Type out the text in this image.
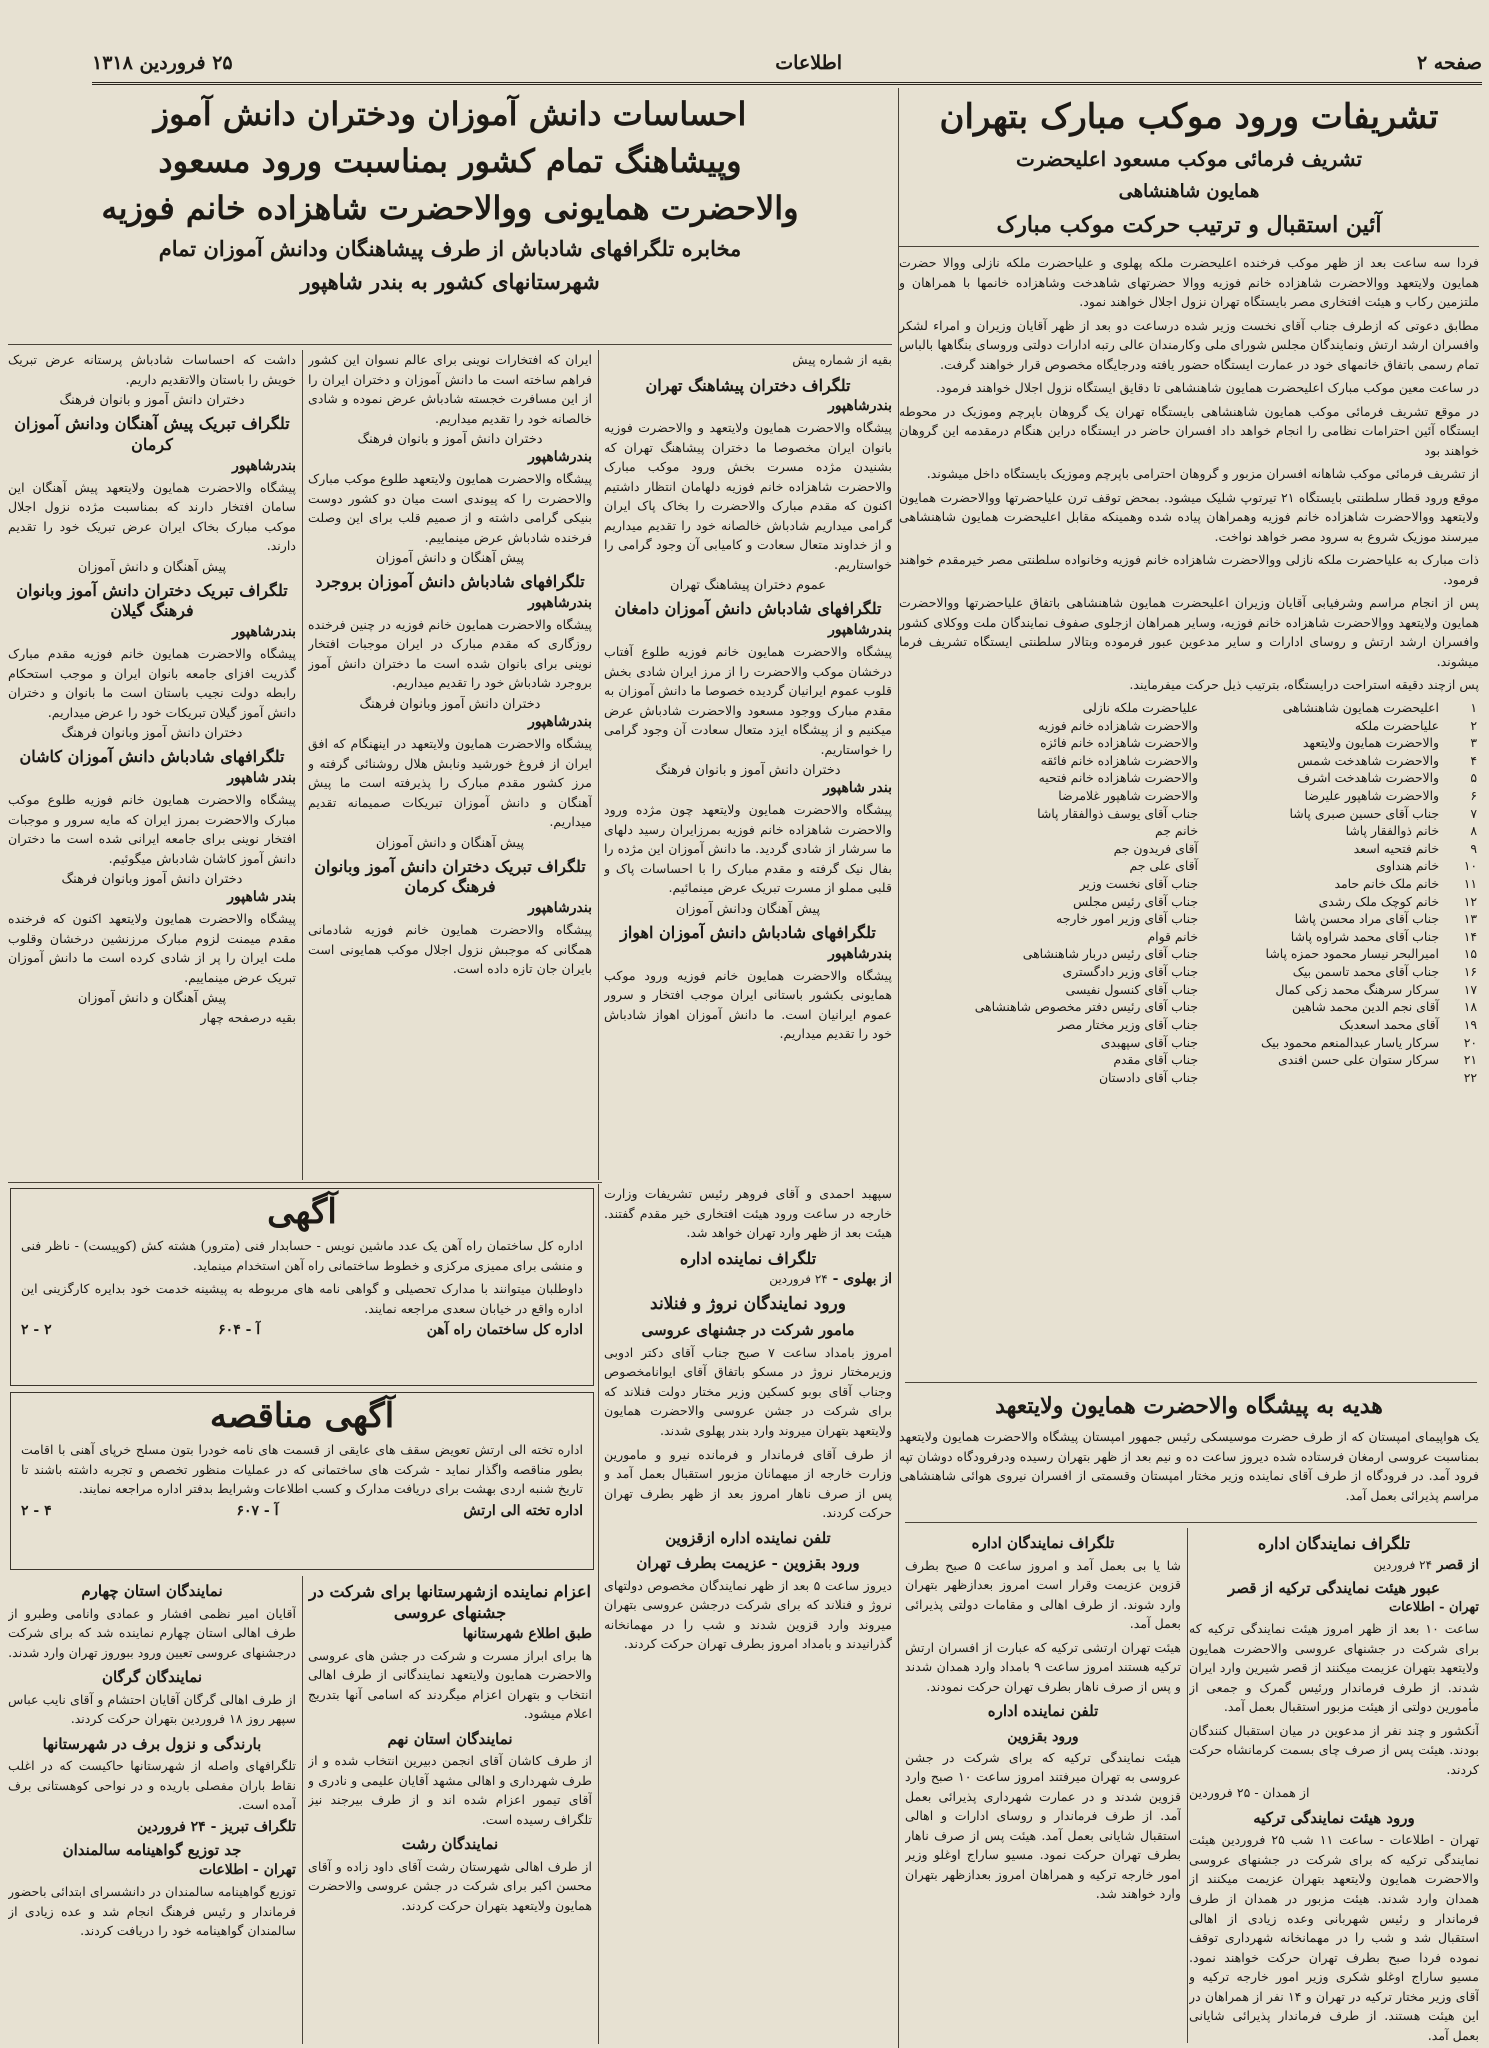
صفحه ۲
اطلاعات
۲۵ فروردین ۱۳۱۸
تشریفات ورود موکب مبارک بتهران

تشریف فرمائی موکب مسعود اعلیحضرت

همایون شاهنشاهی

آئین استقبال و ترتیب حرکت موکب مبارک

فردا سه ساعت بعد از ظهر موکب فرخنده اعلیحضرت ملکه پهلوی و علیاحضرت ملکه نازلی ووالا حضرت همایون ولایتعهد ووالاحضرت شاهزاده خانم فوزیه ووالا حضرتهای شاهدخت وشاهزاده خانمها با همراهان و ملتزمین رکاب و هیئت افتخاری مصر بایستگاه تهران نزول اجلال خواهند نمود.

مطابق دعوتی که ازطرف جناب آقای نخست وزیر شده درساعت دو بعد از ظهر آقایان وزیران و امراء لشکر وافسران ارشد ارتش ونمایندگان مجلس شورای ملی وکارمندان عالی رتبه ادارات دولتی وروسای بنگاهها بالباس تمام رسمی باتفاق خانمهای خود در عمارت ایستگاه حضور یافته ودرجایگاه مخصوص قرار خواهند گرفت.

در ساعت معین موکب مبارک اعلیحضرت همایون شاهنشاهی تا دقایق ایستگاه نزول اجلال خواهند فرمود.

در موقع تشریف فرمائی موکب همایون شاهنشاهی بایستگاه تهران یک گروهان باپرچم وموزیک در محوطه ایستگاه آئین احترامات نظامی را انجام خواهد داد افسران حاضر در ایستگاه دراین هنگام درمقدمه این گروهان خواهند بود

از تشریف فرمائی موکب شاهانه افسران مزبور و گروهان احترامی باپرچم وموزیک بایستگاه داخل میشوند.

موقع ورود قطار سلطنتی بایستگاه ۲۱ تیرتوپ شلیک میشود. بمحض توقف ترن علیاحضرتها ووالاحضرت همایون ولایتعهد ووالاحضرت شاهزاده خانم فوزیه وهمراهان پیاده شده وهمینکه مقابل اعلیحضرت همایون شاهنشاهی میرسند موزیک شروع به سرود مصر خواهد نواخت.

ذات مبارک به علیاحضرت ملکه نازلی ووالاحضرت شاهزاده خانم فوزیه وخانواده سلطنتی مصر خیرمقدم خواهند فرمود.

پس از انجام مراسم وشرفیابی آقایان وزیران اعلیحضرت همایون شاهنشاهی باتفاق علیاحضرتها ووالاحضرت همایون ولایتعهد ووالاحضرت شاهزاده خانم فوزیه، وسایر همراهان ازجلوی صفوف نمایندگان ملت ووکلای کشور وافسران ارشد ارتش و روسای ادارات و سایر مدعوین عبور فرموده وبتالار سلطنتی ایستگاه تشریف فرما میشوند.

پس ازچند دقیقه استراحت درایستگاه، بترتیب ذیل حرکت میفرمایند.

۱	اعلیحضرت همایون شاهنشاهی	علیاحضرت ملکه نازلی
۲	علیاحضرت ملکه	والاحضرت شاهزاده خانم فوزیه
۳	والاحضرت همایون ولایتعهد	والاحضرت شاهزاده خانم فائزه
۴	والاحضرت شاهدخت شمس	والاحضرت شاهزاده خانم فائقه
۵	والاحضرت شاهدخت اشرف	والاحضرت شاهزاده خانم فتحیه
۶	والاحضرت شاهپور علیرضا	والاحضرت شاهپور غلامرضا
۷	جناب آقای حسین صبری پاشا	جناب آقای یوسف ذوالفقار پاشا
۸	خانم ذوالفقار پاشا	خانم جم
۹	خانم فتحیه اسعد	آقای فریدون جم
۱۰	خانم هنداوی	آقای علی جم
۱۱	خانم ملک خانم حامد	جناب آقای نخست وزیر
۱۲	خانم کوچک ملک رشدی	جناب آقای رئیس مجلس
۱۳	جناب آقای مراد محسن پاشا	جناب آقای وزیر امور خارجه
۱۴	جناب آقای محمد شراوه پاشا	خانم قوام
۱۵	امیرالبحر نیسار محمود حمزه پاشا	جناب آقای رئیس دربار شاهنشاهی
۱۶	جناب آقای محمد تاسمن بیک	جناب آقای وزیر دادگستری
۱۷	سرکار سرهنگ محمد زکی کمال	جناب آقای کنسول نفیسی
۱۸	آقای نجم الدین محمد شاهین	جناب آقای رئیس دفتر مخصوص شاهنشاهی
۱۹	آقای محمد اسعدبک	جناب آقای وزیر مختار مصر
۲۰	سرکار یاسار عبدالمنعم محمود بیک	جناب آقای سپهبدی
۲۱	سرکار ستوان علی حسن افندی	جناب آقای مقدم
۲۲		جناب آقای دادستان
هدیه به پیشگاه والاحضرت همایون ولایتعهد

یک هواپیمای امپستان که از طرف حضرت موسیسکی رئیس جمهور امپستان پیشگاه والاحضرت همایون ولایتعهد بمناسبت عروسی ارمغان فرستاده شده دیروز ساعت ده و نیم بعد از ظهر بتهران رسیده ودرفرودگاه دوشان تپه فرود آمد. در فرودگاه از طرف آقای نماینده وزیر مختار امپستان وقسمتی از افسران نیروی هوائی شاهنشاهی مراسم پذیرائی بعمل آمد.

تلگراف نمایندگان اداره

از قصر ۲۴ فروردین

عبور هیئت نمایندگی ترکیه از قصر

تهران - اطلاعات

ساعت ۱۰ بعد از ظهر امروز هیئت نمایندگی ترکیه که برای شرکت در جشنهای عروسی والاحضرت همایون ولایتعهد بتهران عزیمت میکنند از قصر شیرین وارد ایران شدند. از طرف فرماندار ورئیس گمرک و جمعی از مأمورین دولتی از هیئت مزبور استقبال بعمل آمد.

آنکشور و چند نفر از مدعوین در میان استقبال کنندگان بودند. هیئت پس از صرف چای بسمت کرمانشاه حرکت کردند.

از همدان - ۲۵ فروردین

ورود هیئت نمایندگی ترکیه

تهران - اطلاعات - ساعت ۱۱ شب ۲۵ فروردین هیئت نمایندگی ترکیه که برای شرکت در جشنهای عروسی والاحضرت همایون ولایتعهد بتهران عزیمت میکنند از همدان وارد شدند. هیئت مزبور در همدان از طرف فرماندار و رئیس شهربانی وعده زیادی از اهالی استقبال شد و شب را در مهمانخانه شهرداری توقف نموده فردا صبح بطرف تهران حرکت خواهند نمود. مسیو ساراج اوغلو شکری وزیر امور خارجه ترکیه و آقای وزیر مختار ترکیه در تهران و ۱۴ نفر از همراهان در این هیئت هستند. از طرف فرماندار پذیرائی شایانی بعمل آمد.

تلگراف نمایندگان اداره

شا یا بی بعمل آمد و امروز ساعت ۵ صبح بطرف قزوین عزیمت وقرار است امروز بعدازظهر بتهران وارد شوند. از طرف اهالی و مقامات دولتی پذیرائی بعمل آمد.

هیئت تهران ارتشی ترکیه که عبارت از افسران ارتش ترکیه هستند امروز ساعت ۹ بامداد وارد همدان شدند و پس از صرف ناهار بطرف تهران حرکت نمودند.

تلفن نماینده اداره

ورود بقزوین

هیئت نمایندگی ترکیه که برای شرکت در جشن عروسی به تهران میرفتند امروز ساعت ۱۰ صبح وارد قزوین شدند و در عمارت شهرداری پذیرائی بعمل آمد. از طرف فرماندار و روسای ادارات و اهالی استقبال شایانی بعمل آمد. هیئت پس از صرف ناهار بطرف تهران حرکت نمود. مسیو ساراج اوغلو وزیر امور خارجه ترکیه و همراهان امروز بعدازظهر بتهران وارد خواهند شد.

احساسات دانش آموزان ودختران دانش آموز
وپیشاهنگ تمام کشور بمناسبت ورود مسعود
والاحضرت همایونی ووالاحضرت شاهزاده خانم فوزیه

مخابره تلگرافهای شادباش از طرف پیشاهنگان ودانش آموزان تمام

شهرستانهای کشور به بندر شاهپور

بقیه از شماره پیش

تلگراف دختران پیشاهنگ تهران

بندرشاهپور

پیشگاه والاحضرت همایون ولایتعهد و والاحضرت فوزیه بانوان ایران مخصوصا ما دختران پیشاهنگ تهران که بشنیدن مژده مسرت بخش ورود موکب مبارک والاحضرت شاهزاده خانم فوزیه دلهامان انتظار داشتیم اکنون که مقدم مبارک والاحضرت را بخاک پاک ایران گرامی میداریم شادباش خالصانه خود را تقدیم میداریم و از خداوند متعال سعادت و کامیابی آن وجود گرامی را خواستاریم.

عموم دختران پیشاهنگ تهران

تلگرافهای شادباش دانش آموزان دامغان

بندرشاهپور

پیشگاه والاحضرت همایون خانم فوزیه طلوع آفتاب درخشان موکب والاحضرت را از مرز ایران شادی بخش قلوب عموم ایرانیان گردیده خصوصا ما دانش آموزان به مقدم مبارک ووجود مسعود والاحضرت شادباش عرض میکنیم و از پیشگاه ایزد متعال سعادت آن وجود گرامی را خواستاریم.

دختران دانش آموز و بانوان فرهنگ

بندر شاهپور

پیشگاه والاحضرت همایون ولایتعهد چون مژده ورود والاحضرت شاهزاده خانم فوزیه بمرزایران رسید دلهای ما سرشار از شادی گردید. ما دانش آموزان این مژده را بفال نیک گرفته و مقدم مبارک را با احساسات پاک و قلبی مملو از مسرت تبریک عرض مینمائیم.

پیش آهنگان ودانش آموزان

تلگرافهای شادباش دانش آموزان اهواز

بندرشاهپور

پیشگاه والاحضرت همایون خانم فوزیه ورود موکب همایونی بکشور باستانی ایران موجب افتخار و سرور عموم ایرانیان است. ما دانش آموزان اهواز شادباش خود را تقدیم میداریم.

ایران که افتخارات نوینی برای عالم نسوان این کشور فراهم ساخته است ما دانش آموزان و دختران ایران را از این مسافرت خجسته شادباش عرض نموده و شادی خالصانه خود را تقدیم میداریم.

دختران دانش آموز و بانوان فرهنگ

بندرشاهپور

پیشگاه والاحضرت همایون ولایتعهد طلوع موکب مبارک والاحضرت را که پیوندی است میان دو کشور دوست بنیکی گرامی داشته و از صمیم قلب برای این وصلت فرخنده شادباش عرض مینماییم.

پیش آهنگان و دانش آموزان

تلگرافهای شادباش دانش آموزان بروجرد

بندرشاهپور

پیشگاه والاحضرت همایون خانم فوزیه در چنین فرخنده روزگاری که مقدم مبارک در ایران موجبات افتخار نوینی برای بانوان شده است ما دختران دانش آموز بروجرد شادباش خود را تقدیم میداریم.

دختران دانش آموز وبانوان فرهنگ

بندرشاهپور

پیشگاه والاحضرت همایون ولایتعهد در اینهنگام که افق ایران از فروغ خورشید ونابش هلال روشنائی گرفته و مرز کشور مقدم مبارک را پذیرفته است ما پیش آهنگان و دانش آموزان تبریکات صمیمانه تقدیم میداریم.

پیش آهنگان و دانش آموزان

تلگراف تبریک دختران دانش آموز وبانوان فرهنگ کرمان

بندرشاهپور

پیشگاه والاحضرت همایون خانم فوزیه شادمانی همگانی که موجبش نزول اجلال موکب همایونی است بایران جان تازه داده است.

داشت که احساسات شادباش پرستانه عرض تبریک خویش را باستان والاتقدیم داریم.

دختران دانش آموز و بانوان فرهنگ

تلگراف تبریک پیش آهنگان ودانش آموزان کرمان

بندرشاهپور

پیشگاه والاحضرت همایون ولایتعهد پیش آهنگان این سامان افتخار دارند که بمناسبت مژده نزول اجلال موکب مبارک بخاک ایران عرض تبریک خود را تقدیم دارند.

پیش آهنگان و دانش آموزان

تلگراف تبریک دختران دانش آموز وبانوان فرهنگ گیلان

بندرشاهپور

پیشگاه والاحضرت همایون خانم فوزیه مقدم مبارک گذریت افزای جامعه بانوان ایران و موجب استحکام رابطه دولت نجیب باستان است ما بانوان و دختران دانش آموز گیلان تبریکات خود را عرض میداریم.

دختران دانش آموز وبانوان فرهنگ

تلگرافهای شادباش دانش آموزان کاشان

بندر شاهپور

پیشگاه والاحضرت همایون خانم فوزیه طلوع موکب مبارک والاحضرت بمرز ایران که مایه سرور و موجبات افتخار نوینی برای جامعه ایرانی شده است ما دختران دانش آموز کاشان شادباش میگوئیم.

دختران دانش آموز وبانوان فرهنگ

بندر شاهپور

پیشگاه والاحضرت همایون ولایتعهد اکنون که فرخنده مقدم میمنت لزوم مبارک مرزنشین درخشان وقلوب ملت ایران را پر از شادی کرده است ما دانش آموزان تبریک عرض مینماییم.

پیش آهنگان و دانش آموزان

بقیه درصفحه چهار

سپهبد احمدی و آقای فروهر رئیس تشریفات وزارت خارجه در ساعت ورود هیئت افتخاری خیر مقدم گفتند. هیئت بعد از ظهر وارد تهران خواهد شد.

تلگراف نماینده اداره

از بهلوی - ۲۴ فروردین

ورود نمایندگان نروژ و فنلاند

مامور شرکت در جشنهای عروسی

امروز بامداد ساعت ۷ صبح جناب آقای دکتر ادوبی وزیرمختار نروژ در مسکو باتفاق آقای ایوانامخصوص وجناب آقای بوبو کسکین وزیر مختار دولت فنلاند که برای شرکت در جشن عروسی والاحضرت همایون ولایتعهد بتهران میروند وارد بندر پهلوی شدند.

از طرف آقای فرماندار و فرمانده نیرو و مامورین وزارت خارجه از میهمانان مزبور استقبال بعمل آمد و پس از صرف ناهار امروز بعد از ظهر بطرف تهران حرکت کردند.

تلفن نماینده اداره ازقزوین

ورود بقزوین - عزیمت بطرف تهران

دیروز ساعت ۵ بعد از ظهر نمایندگان مخصوص دولتهای نروژ و فنلاند که برای شرکت درجشن عروسی بتهران میروند وارد قزوین شدند و شب را در مهمانخانه گذرانیدند و بامداد امروز بطرف تهران حرکت کردند.

آگهی

اداره کل ساختمان راه آهن یک عدد ماشین نویس - حسابدار فنی (مترور) هشته کش (کوپیست) - ناظر فنی و منشی برای ممیزی مرکزی و خطوط ساختمانی راه آهن استخدام مینماید.

داوطلبان میتوانند با مدارک تحصیلی و گواهی نامه های مربوطه به پیشینه خدمت خود بدایره کارگزینی این اداره واقع در خیابان سعدی مراجعه نمایند.

اداره کل ساختمان راه آهن
آ - ۶۰۴
۲ - ۲
آگهی مناقصه

اداره تخته الی ارتش تعویض سقف های عایقی از قسمت های نامه خودرا بتون مسلح خرپای آهنی با اقامت بطور مناقصه واگذار نماید - شرکت های ساختمانی که در عملیات منظور تخصص و تجربه داشته باشند تا تاریخ شنبه اردی بهشت برای دریافت مدارک و کسب اطلاعات وشرایط بدفتر اداره مراجعه نمایند.

اداره تخته الی ارتش
آ - ۶۰۷
۴ - ۲

اعزام نماینده ازشهرستانها برای شرکت در جشنهای عروسی

طبق اطلاع شهرستانها

ها برای ابراز مسرت و شرکت در جشن های عروسی والاحضرت همایون ولایتعهد نمایندگانی از طرف اهالی انتخاب و بتهران اعزام میگردند که اسامی آنها بتدریج اعلام میشود.

نمایندگان استان نهم

از طرف کاشان آقای انجمن دبیرین انتخاب شده و از طرف شهرداری و اهالی مشهد آقایان علیمی و نادری و آقای تیمور اعزام شده اند و از طرف بیرجند نیز تلگراف رسیده است.

نمایندگان رشت

از طرف اهالی شهرستان رشت آقای داود زاده و آقای محسن اکبر برای شرکت در جشن عروسی والاحضرت همایون ولایتعهد بتهران حرکت کردند.

نمایندگان استان چهارم

آقایان امیر نظمی افشار و عمادی وانامی وطبرو از طرف اهالی استان چهارم نماینده شد که برای شرکت درجشنهای عروسی تعیین ورود ببوروز تهران وارد شدند.

نمایندگان گرگان

از طرف اهالی گرگان آقایان احتشام و آقای نایب عباس سپهر روز ۱۸ فروردین بتهران حرکت کردند.

بارندگی و نزول برف در شهرستانها

تلگرافهای واصله از شهرستانها حاکیست که در اغلب نقاط باران مفصلی باریده و در نواحی کوهستانی برف آمده است.

تلگراف تبریز - ۲۴ فروردین

جد توزیع گواهینامه سالمندان

تهران - اطلاعات

توزیع گواهینامه سالمندان در دانشسرای ابتدائی باحضور فرماندار و رئیس فرهنگ انجام شد و عده زیادی از سالمندان گواهینامه خود را دریافت کردند.
